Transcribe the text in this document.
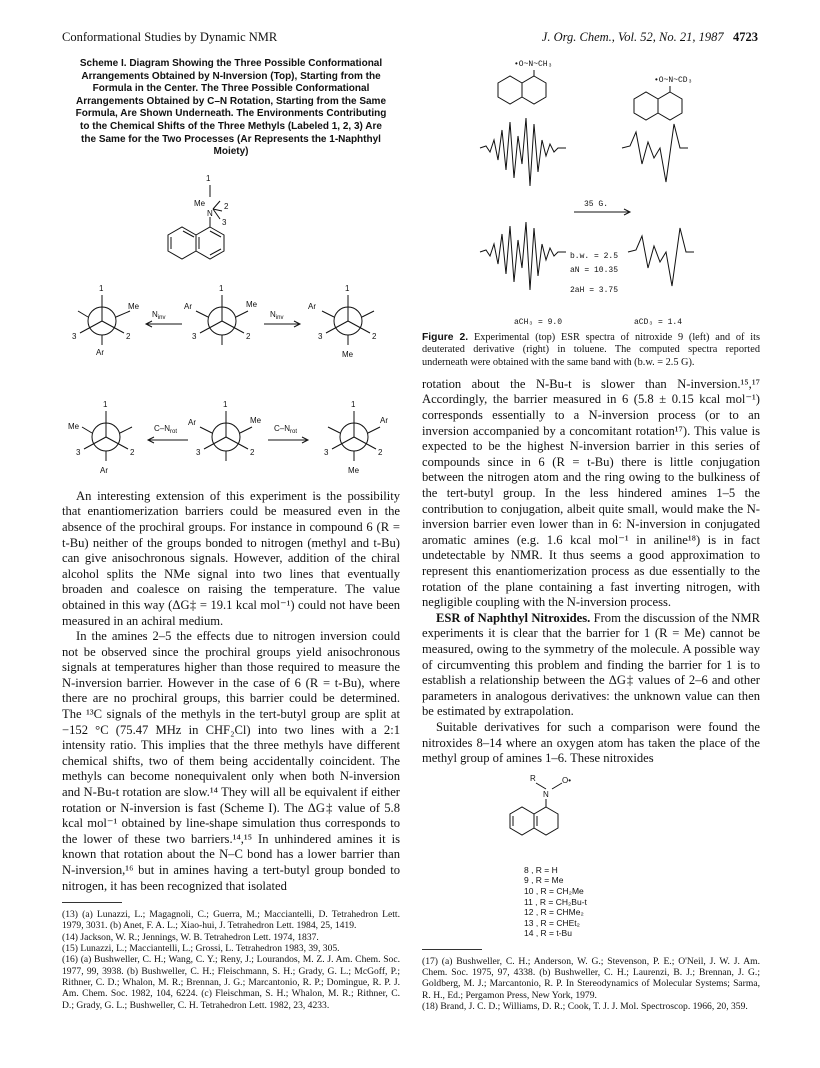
Conformational Studies by Dynamic NMR	J. Org. Chem., Vol. 52, No. 21, 1987 4723
Scheme I. Diagram Showing the Three Possible Conformational Arrangements Obtained by N-Inversion (Top), Starting from the Formula in the Center. The Three Possible Conformational Arrangements Obtained by C–N Rotation, Starting from the Same Formula, Are Shown Underneath. The Environments Contributing to the Chemical Shifts of the Three Methyls (Labeled 1, 2, 3) Are the Same for the Two Processes (Ar Represents the 1-Naphthyl Moiety)
1
Me
N
2
3
1
3	2
Me
Ar
$N_{inv}$
1
3	2
Ar	Me
$N_{inv}$
1
3	2
Ar
Me
1
3	2
Me
Ar
$C-N_{rot}$
1
3	2
Ar	Me
$C-N_{rot}$
1
3	2
Ar
Me

An interesting extension of this experiment is the possibility that enantiomerization barriers could be measured even in the absence of the prochiral groups. For instance in compound 6 (R = t-Bu) neither of the groups bonded to nitrogen (methyl and t-Bu) can give anisochronous signals. However, addition of the chiral alcohol splits the NMe signal into two lines that eventually broaden and coalesce on raising the temperature. The value obtained in this way (ΔG‡ = 19.1 kcal mol⁻¹) could not have been measured in an achiral medium.

In the amines 2–5 the effects due to nitrogen inversion could not be observed since the prochiral groups yield anisochronous signals at temperatures higher than those required to measure the N-inversion barrier. However in the case of 6 (R = t-Bu), where there are no prochiral groups, this barrier could be determined. The ¹³C signals of the methyls in the tert-butyl group are split at −152 °C (75.47 MHz in CHF₂Cl) into two lines with a 2:1 intensity ratio. This implies that the three methyls have different chemical shifts, two of them being accidentally coincident. The methyls can become nonequivalent only when both N-inversion and N-Bu-t rotation are slow.¹⁴ They will all be equivalent if either rotation or N-inversion is fast (Scheme I). The ΔG‡ value of 5.8 kcal mol⁻¹ obtained by line-shape simulation thus corresponds to the lower of these two barriers.¹⁴,¹⁵ In unhindered amines it is known that rotation about the N–C bond has a lower barrier than N-inversion,¹⁶ but in amines having a tert-butyl group bonded to nitrogen, it has been recognized that isolated

(13) (a) Lunazzi, L.; Magagnoli, C.; Guerra, M.; Macciantelli, D. Tetrahedron Lett. 1979, 3031. (b) Anet, F. A. L.; Xiao-hui, J. Tetrahedron Lett. 1984, 25, 1419.

(14) Jackson, W. R.; Jennings, W. B. Tetrahedron Lett. 1974, 1837.

(15) Lunazzi, L.; Macciantelli, L.; Grossi, L. Tetrahedron 1983, 39, 305.

(16) (a) Bushweller, C. H.; Wang, C. Y.; Reny, J.; Lourandos, M. Z. J. Am. Chem. Soc. 1977, 99, 3938. (b) Bushweller, C. H.; Fleischmann, S. H.; Grady, G. L.; McGoff, P.; Rithner, C. D.; Whalon, M. R.; Brennan, J. G.; Marcantonio, R. P.; Domingue, R. P. J. Am. Chem. Soc. 1982, 104, 6224. (c) Fleischman, S. H.; Whalon, M. R.; Rithner, C. D.; Grady, G. L.; Bushweller, C. H. Tetrahedron Lett. 1982, 23, 4233.

•O~N~CH₃
•O~N~CD₃
35 G.
b.w. = 2.5
aN = 10.35
2aH = 3.75
aCH₃ = 9.0	aCD₃ = 1.4
Figure 2. Experimental (top) ESR spectra of nitroxide 9 (left) and of its deuterated derivative (right) in toluene. The computed spectra reported underneath were obtained with the same band with (b.w. = 2.5 G).

rotation about the N-Bu-t is slower than N-inversion.¹⁵,¹⁷ Accordingly, the barrier measured in 6 (5.8 ± 0.15 kcal mol⁻¹) corresponds essentially to a N-inversion process (or to an inversion accompanied by a concomitant rotation¹⁷). This value is expected to be the highest N-inversion barrier in this series of compounds since in 6 (R = t-Bu) there is little conjugation between the nitrogen atom and the ring owing to the bulkiness of the tert-butyl group. In the less hindered amines 1–5 the contribution to conjugation, albeit quite small, would make the N-inversion barrier even lower than in 6: N-inversion in conjugated aromatic amines (e.g. 1.6 kcal mol⁻¹ in aniline¹⁸) is in fact undetectable by NMR. It thus seems a good approximation to represent this enantiomerization process as due essentially to the rotation of the plane containing a fast inverting nitrogen, with negligible coupling with the N-inversion process.

ESR of Naphthyl Nitroxides. From the discussion of the NMR experiments it is clear that the barrier for 1 (R = Me) cannot be measured, owing to the symmetry of the molecule. A possible way of circumventing this problem and finding the barrier for 1 is to establish a relationship between the ΔG‡ values of 2–6 and other parameters in analogous derivatives: the unknown value can then be estimated by extrapolation.

Suitable derivatives for such a comparison were found the nitroxides 8–14 where an oxygen atom has taken the place of the methyl group of amines 1–6. These nitroxides

R
N
O•
8 , R = H
9 , R = Me
10 , R = CH₂Me
11 , R = CH₂Bu-t
12 , R = CHMe₂
13 , R = CHEt₂
14 , R = t-Bu

(17) (a) Bushweller, C. H.; Anderson, W. G.; Stevenson, P. E.; O'Neil, J. W. J. Am. Chem. Soc. 1975, 97, 4338. (b) Bushweller, C. H.; Laurenzi, B. J.; Brennan, J. G.; Goldberg, M. J.; Marcantonio, R. P. In Stereodynamics of Molecular Systems; Sarma, R. H., Ed.; Pergamon Press, New York, 1979.

(18) Brand, J. C. D.; Williams, D. R.; Cook, T. J. J. Mol. Spectroscop. 1966, 20, 359.
